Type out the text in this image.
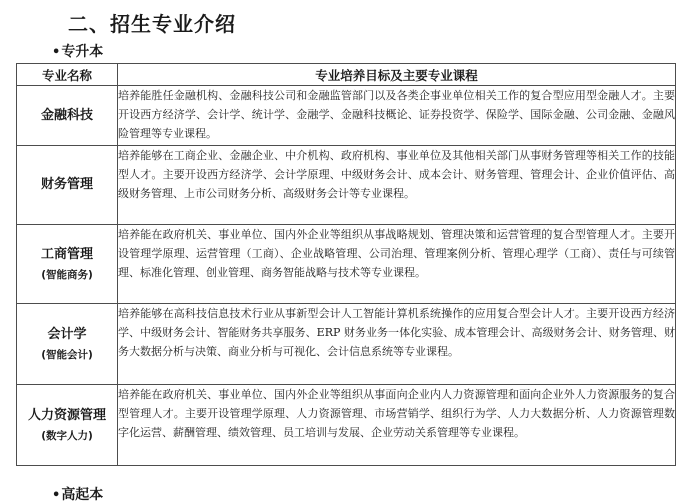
二、招生专业介绍
•专升本
专业名称	专业培养目标及主要专业课程

金融科技	培养能胜任金融机构、金融科技公司和金融监管部门以及各类企事业单位相关工作的复合型应用型金融人才。主要开设西方经济学、会计学、统计学、金融学、金融科技概论、证券投资学、保险学、国际金融、公司金融、金融风险管理等专业课程。

财务管理	培养能够在工商企业、金融企业、中介机构、政府机构、事业单位及其他相关部门从事财务管理等相关工作的技能型人才。主要开设西方经济学、会计学原理、中级财务会计、成本会计、财务管理、管理会计、企业价值评估、高级财务管理、上市公司财务分析、高级财务会计等专业课程。

工商管理
(智能商务)	培养能在政府机关、事业单位、国内外企业等组织从事战略规划、管理决策和运营管理的复合型管理人才。主要开设管理学原理、运营管理（工商）、企业战略管理、公司治理、管理案例分析、管理心理学（工商）、责任与可续管理、标准化管理、创业管理、商务智能战略与技术等专业课程。

会计学
(智能会计)	培养能够在高科技信息技术行业从事新型会计人工智能计算机系统操作的应用复合型会计人才。主要开设西方经济学、中级财务会计、智能财务共享服务、ERP 财务业务一体化实验、成本管理会计、高级财务会计、财务管理、财务大数据分析与决策、商业分析与可视化、会计信息系统等专业课程。

人力资源管理
(数字人力)	培养能在政府机关、事业单位、国内外企业等组织从事面向企业内人力资源管理和面向企业外人力资源服务的复合型管理人才。主要开设管理学原理、人力资源管理、市场营销学、组织行为学、人力大数据分析、人力资源管理数字化运营、薪酬管理、绩效管理、员工培训与发展、企业劳动关系管理等专业课程。
•高起本
